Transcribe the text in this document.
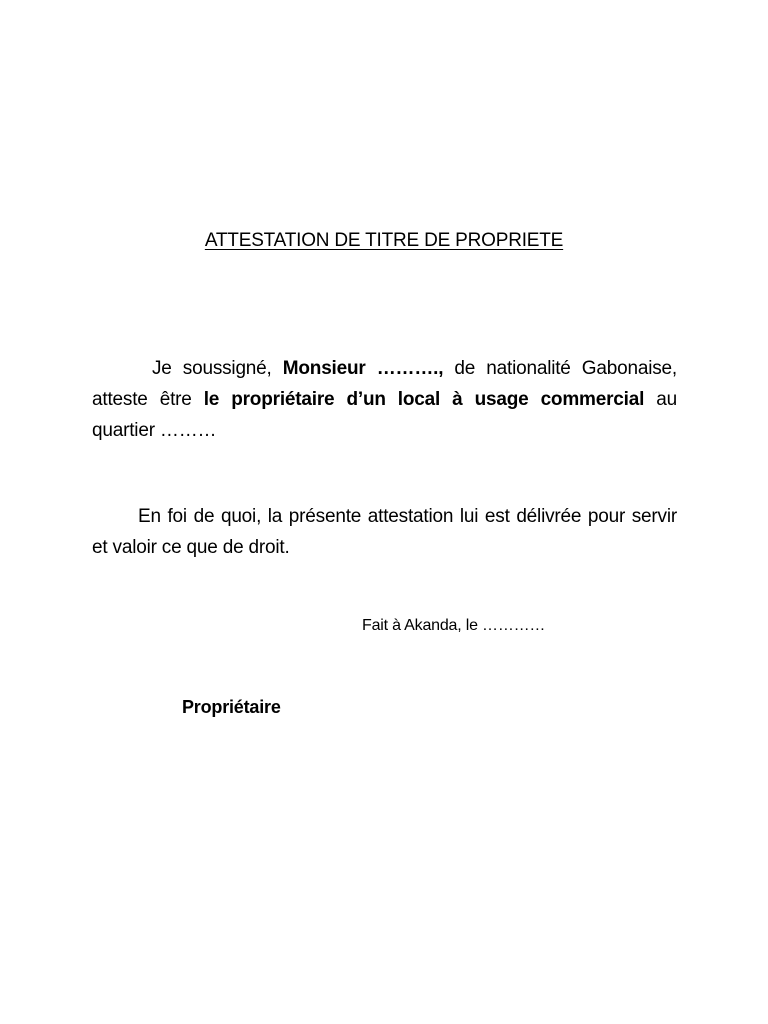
ATTESTATION DE TITRE DE PROPRIETE

Je soussigné, Monsieur ………., de nationalité Gabonaise, atteste être le propriétaire d’un local à usage commercial au quartier ………

En foi de quoi, la présente attestation lui est délivrée pour servir et valoir ce que de droit.

Fait à Akanda, le …………
Propriétaire
